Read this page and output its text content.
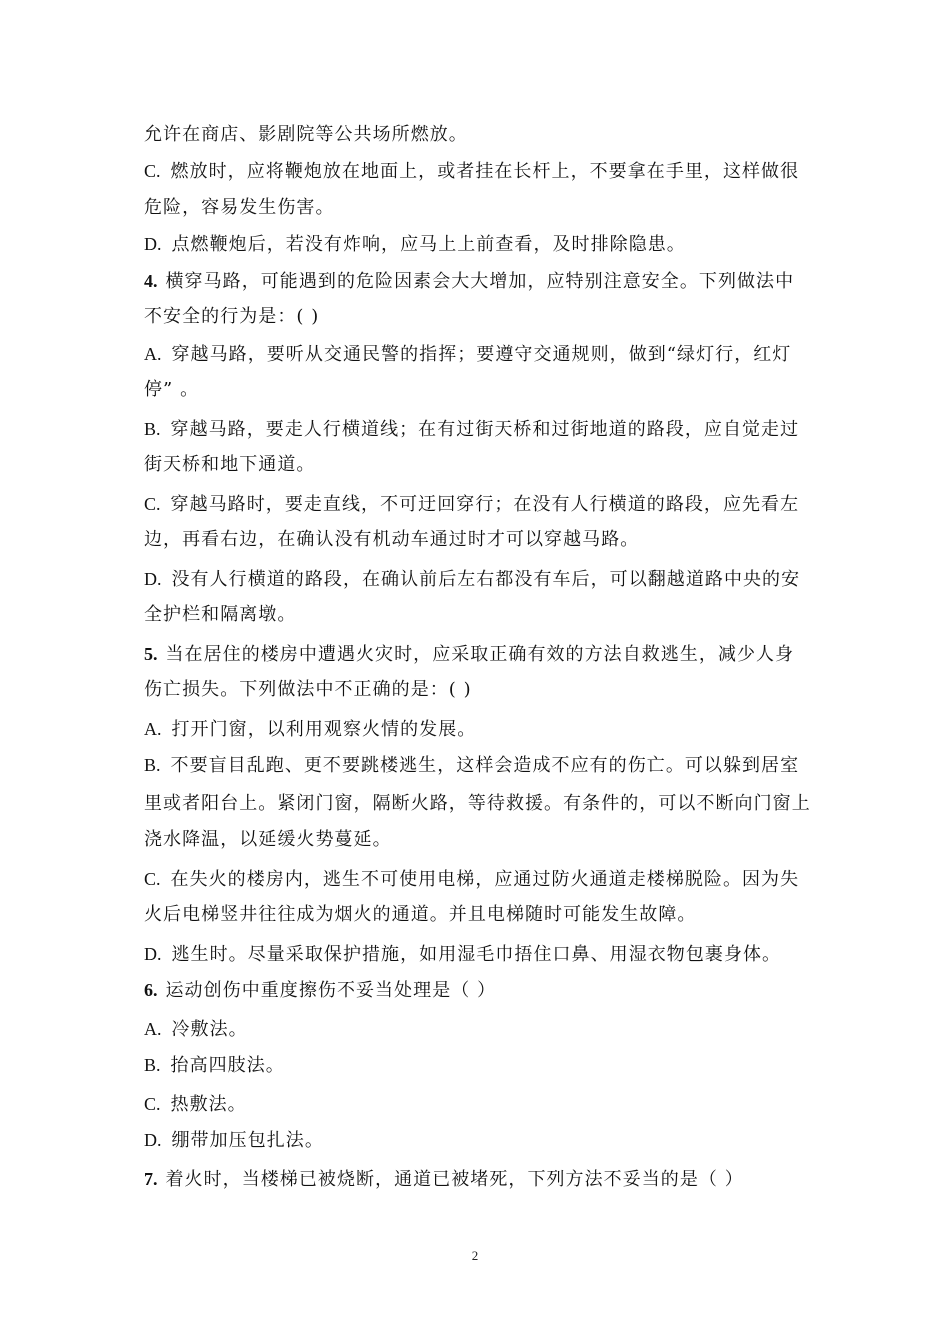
允许在商店、影剧院等公共场所燃放。
C. 燃放时，应将鞭炮放在地面上，或者挂在长杆上，不要拿在手里，这样做很
危险，容易发生伤害。
D. 点燃鞭炮后，若没有炸响，应马上上前查看，及时排除隐患。
4. 横穿马路，可能遇到的危险因素会大大增加，应特别注意安全。下列做法中
不安全的行为是：( )
A. 穿越马路，要听从交通民警的指挥；要遵守交通规则，做到“绿灯行，红灯
停” 。
B. 穿越马路，要走人行横道线；在有过街天桥和过街地道的路段，应自觉走过
街天桥和地下通道。
C. 穿越马路时，要走直线，不可迂回穿行；在没有人行横道的路段，应先看左
边，再看右边，在确认没有机动车通过时才可以穿越马路。
D. 没有人行横道的路段，在确认前后左右都没有车后，可以翻越道路中央的安
全护栏和隔离墩。
5. 当在居住的楼房中遭遇火灾时，应采取正确有效的方法自救逃生，减少人身
伤亡损失。下列做法中不正确的是：( )
A. 打开门窗，以利用观察火情的发展。
B. 不要盲目乱跑、更不要跳楼逃生，这样会造成不应有的伤亡。可以躲到居室
里或者阳台上。紧闭门窗，隔断火路，等待救援。有条件的，可以不断向门窗上
浇水降温，以延缓火势蔓延。
C. 在失火的楼房内，逃生不可使用电梯，应通过防火通道走楼梯脱险。因为失
火后电梯竖井往往成为烟火的通道。并且电梯随时可能发生故障。
D. 逃生时。尽量采取保护措施，如用湿毛巾捂住口鼻、用湿衣物包裹身体。
6. 运动创伤中重度擦伤不妥当处理是（ ）
A. 冷敷法。
B. 抬高四肢法。
C. 热敷法。
D. 绷带加压包扎法。
7. 着火时，当楼梯已被烧断，通道已被堵死，下列方法不妥当的是（ ）
2
